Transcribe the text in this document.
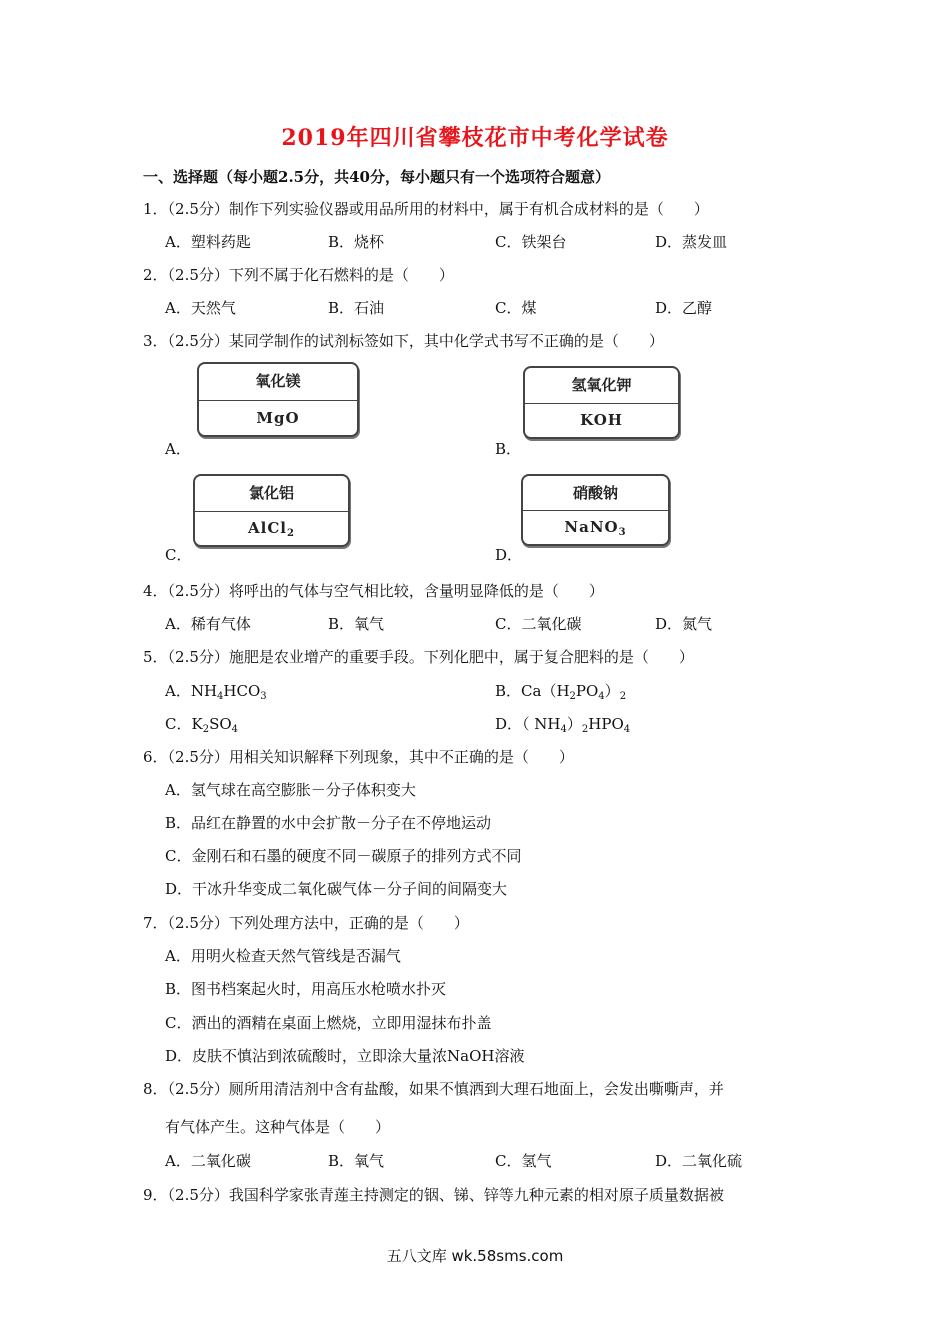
2019年四川省攀枝花市中考化学试卷
一、选择题（每小题2.5分，共40分，每小题只有一个选项符合题意）
1．（2.5分）制作下列实验仪器或用品所用的材料中，属于有机合成材料的是（　　）
A．塑料药匙	B．烧杯	C．铁架台	D．蒸发皿
2．（2.5分）下列不属于化石燃料的是（　　）
A．天然气	B．石油	C．煤	D．乙醇
3．（2.5分）某同学制作的试剂标签如下，其中化学式书写不正确的是（　　）
氧化镁
MgO
A．
氢氧化钾
KOH
B．
氯化铝
AlCl$_2$
C．
硝酸钠
NaNO$_3$
D．
4．（2.5分）将呼出的气体与空气相比较，含量明显降低的是（　　）
A．稀有气体	B．氧气	C．二氧化碳	D．氮气
5．（2.5分）施肥是农业增产的重要手段。下列化肥中，属于复合肥料的是（　　）
A．$NH_4HCO_3$	B．$Ca(H_2PO_4)_2$
C．$K_2SO_4$	D．（ $NH_4)_2HPO_4$
6．（2.5分）用相关知识解释下列现象，其中不正确的是（　　）
A．氢气球在高空膨胀－分子体积变大
B．品红在静置的水中会扩散－分子在不停地运动
C．金刚石和石墨的硬度不同－碳原子的排列方式不同
D．干冰升华变成二氧化碳气体－分子间的间隔变大
7．（2.5分）下列处理方法中，正确的是（　　）
A．用明火检查天然气管线是否漏气
B．图书档案起火时，用高压水枪喷水扑灭
C．洒出的酒精在桌面上燃烧，立即用湿抹布扑盖
D．皮肤不慎沾到浓硫酸时，立即涂大量浓NaOH溶液
8．（2.5分）厕所用清洁剂中含有盐酸，如果不慎洒到大理石地面上，会发出嘶嘶声，并
有气体产生。这种气体是（　　）
A．二氧化碳	B．氧气	C．氢气	D．二氧化硫
9．（2.5分）我国科学家张青莲主持测定的铟、锑、锌等九种元素的相对原子质量数据被
五八文库 wk.58sms.com
